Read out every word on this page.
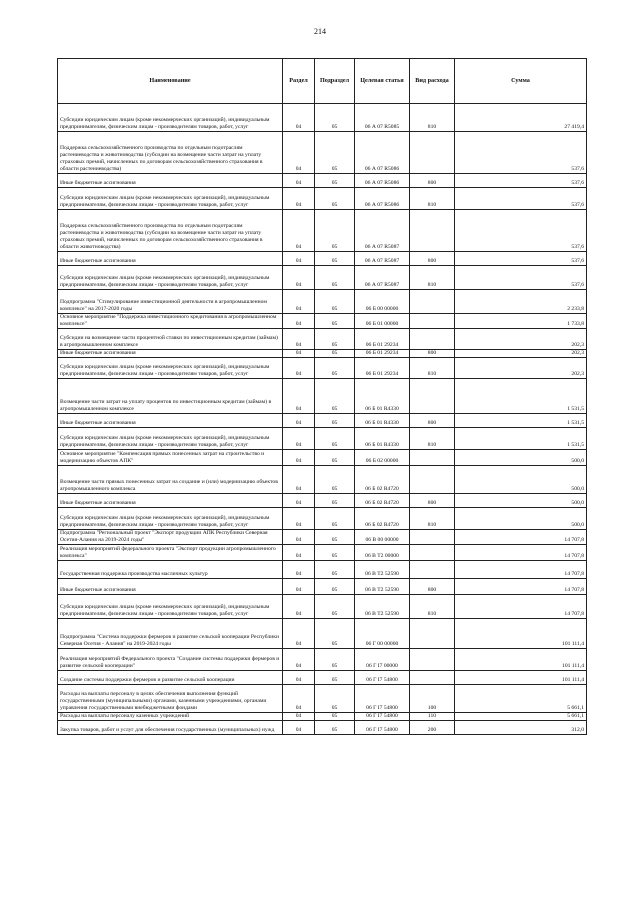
214
Наименование	Раздел	Подраздел	Целевая статья	Вид расхода	Сумма
Субсидии юридическим лицам (кроме некоммерческих организаций), индивидуальным предпринимателям, физическим лицам - производителям товаров, работ, услуг	04	05	06 А 07 R5085	810	27 419,4
Поддержка сельскохозяйственного производства по отдельным подотраслям растениеводства и животноводства (субсидии на возмещение части затрат на уплату страховых премий, начисленных по договорам сельскохозяйственного страхования в области растениеводства)	04	05	06 А 07 R5086		537,6
Иные бюджетные ассигнования	04	05	06 А 07 R5086	800	537,6
Субсидии юридическим лицам (кроме некоммерческих организаций), индивидуальным предпринимателям, физическим лицам - производителям товаров, работ, услуг	04	05	06 А 07 R5086	810	537,6
Поддержка сельскохозяйственного производства по отдельным подотраслям растениеводства и животноводства (субсидии на возмещение части затрат на уплату страховых премий, начисленных по договорам сельскохозяйственного страхования в области животноводства)	04	05	06 А 07 R5087		537,6
Иные бюджетные ассигнования	04	05	06 А 07 R5087	800	537,6
Субсидии юридическим лицам (кроме некоммерческих организаций), индивидуальным предпринимателям, физическим лицам - производителям товаров, работ, услуг	04	05	06 А 07 R5087	810	537,6
Подпрограмма "Стимулирование инвестиционной деятельности в агропромышленном комплексе" на 2017-2020 годы	04	05	06 Б 00 00000		2 233,8
Основное мероприятие "Поддержка инвестиционного кредитования в агропромышленном комплексе"	04	05	06 Б 01 00000		1 733,8
Субсидии на возмещение части процентной ставки по инвестиционным кредитам (займам) в агропромышленном комплексе	04	05	06 Б 01 29234		202,3
Иные бюджетные ассигнования	04	05	06 Б 01 29234	800	202,3
Субсидии юридическим лицам (кроме некоммерческих организаций), индивидуальным предпринимателям, физическим лицам - производителям товаров, работ, услуг	04	05	06 Б 01 29234	810	202,3
Возмещение части затрат на уплату процентов по инвестиционным кредитам (займам) в агропромышленном комплексе	04	05	06 Б 01 R4330		1 531,5
Иные бюджетные ассигнования	04	05	06 Б 01 R4330	800	1 531,5
Субсидии юридическим лицам (кроме некоммерческих организаций), индивидуальным предпринимателям, физическим лицам - производителям товаров, работ, услуг	04	05	06 Б 01 R4330	810	1 531,5
Основное мероприятие "Компенсация прямых понесенных затрат на строительство и модернизацию объектов АПК"	04	05	06 Б 02 00000		500,0
Возмещение части прямых понесенных затрат на создание и (или) модернизацию объектов агропромышленного комплекса	04	05	06 Б 02 R4720		500,0
Иные бюджетные ассигнования	04	05	06 Б 02 R4720	800	500,0
Субсидии юридическим лицам (кроме некоммерческих организаций), индивидуальным предпринимателям, физическим лицам - производителям товаров, работ, услуг	04	05	06 Б 02 R4720	810	500,0
Подпрограмма "Региональный проект "Экспорт продукции АПК Республики Северная Осетия-Алания на 2019-2024 годы"	04	05	06 В 00 00000		14 707,8
Реализация мероприятий федерального проекта "Экспорт продукции агропромышленного комплекса"	04	05	06 В Т2 00000		14 707,8
Государственная поддержка производства масличных культур	04	05	06 В Т2 52590		14 707,8
Иные бюджетные ассигнования	04	05	06 В Т2 52590	800	14 707,8
Субсидии юридическим лицам (кроме некоммерческих организаций), индивидуальным предпринимателям, физическим лицам - производителям товаров, работ, услуг	04	05	06 В Т2 52590	810	14 707,8
Подпрограмма "Система поддержки фермеров и развитие сельской кооперации Республики Северная Осетия - Алания" на 2019-2024 годы	04	05	06 Г 00 00000		101 111,4
Реализация мероприятий Федерального проекта "Создание системы поддержки фермеров и развитие сельской кооперации"	04	05	06 Г I7 00000		101 111,4
Создание системы поддержки фермеров и развитие сельской кооперации	04	05	06 Г I7 54800		101 111,4
Расходы на выплаты персоналу в целях обеспечения выполнения функций государственными (муниципальными) органами, казенными учреждениями, органами управления государственными внебюджетными фондами	04	05	06 Г I7 54800	100	5 661,1
Расходы на выплаты персоналу казенных учреждений	04	05	06 Г I7 54800	110	5 661,1
Закупка товаров, работ и услуг для обеспечения государственных (муниципальных) нужд	04	05	06 Г I7 54800	200	312,0
